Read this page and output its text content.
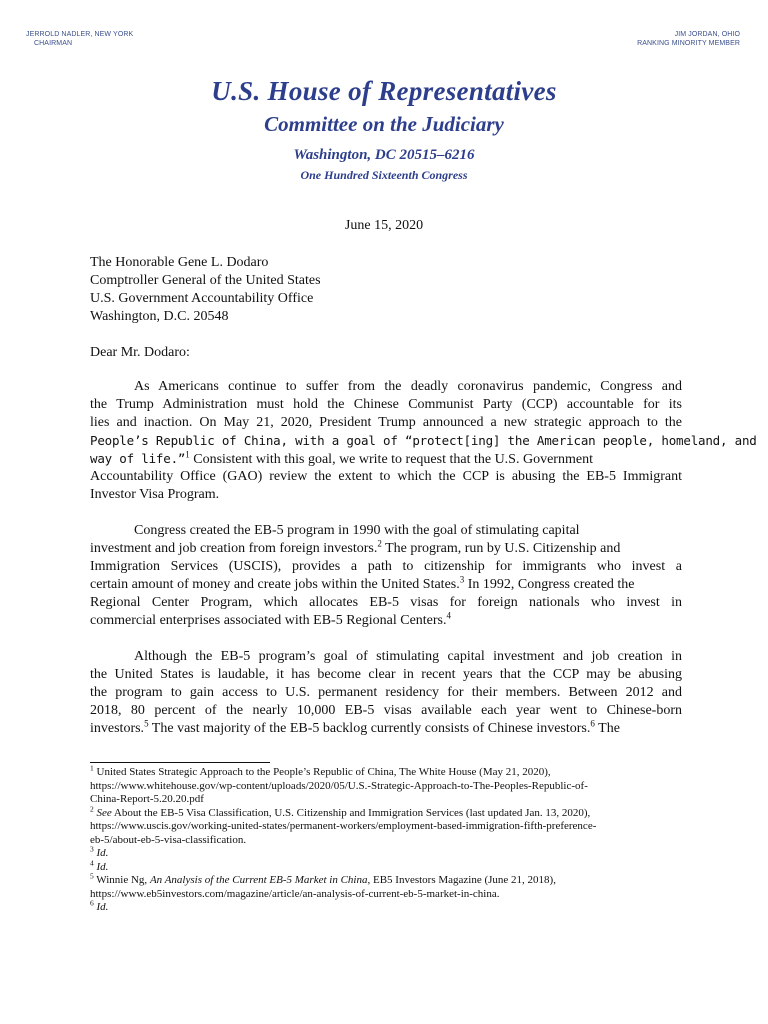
JERROLD NADLER, NEW YORK
CHAIRMAN
JIM JORDAN, OHIO
RANKING MINORITY MEMBER
U.S. House of Representatives
Committee on the Judiciary
Washington, DC 20515–6216
One Hundred Sixteenth Congress
June 15, 2020
The Honorable Gene L. Dodaro
Comptroller General of the United States
U.S. Government Accountability Office
Washington, D.C. 20548
Dear Mr. Dodaro:
As Americans continue to suffer from the deadly coronavirus pandemic, Congress and
the Trump Administration must hold the Chinese Communist Party (CCP) accountable for its
lies and inaction. On May 21, 2020, President Trump announced a new strategic approach to the
People’s Republic of China, with a goal of “protect[ing] the American people, homeland, and
way of life.”$^1$ Consistent with this goal, we write to request that the U.S. Government
Accountability Office (GAO) review the extent to which the CCP is abusing the EB-5 Immigrant
Investor Visa Program.
Congress created the EB-5 program in 1990 with the goal of stimulating capital
investment and job creation from foreign investors.$^2$ The program, run by U.S. Citizenship and
Immigration Services (USCIS), provides a path to citizenship for immigrants who invest a
certain amount of money and create jobs within the United States.$^3$ In 1992, Congress created the
Regional Center Program, which allocates EB-5 visas for foreign nationals who invest in
commercial enterprises associated with EB-5 Regional Centers.$^4$
Although the EB-5 program’s goal of stimulating capital investment and job creation in
the United States is laudable, it has become clear in recent years that the CCP may be abusing
the program to gain access to U.S. permanent residency for their members. Between 2012 and
2018, 80 percent of the nearly 10,000 EB-5 visas available each year went to Chinese-born
investors.$^5$ The vast majority of the EB-5 backlog currently consists of Chinese investors.$^6$ The
$^1$ United States Strategic Approach to the People’s Republic of China, The White House (May 21, 2020),
https://www.whitehouse.gov/wp-content/uploads/2020/05/U.S.-Strategic-Approach-to-The-Peoples-Republic-of-
China-Report-5.20.20.pdf
$^2$ See About the EB-5 Visa Classification, U.S. Citizenship and Immigration Services (last updated Jan. 13, 2020),
https://www.uscis.gov/working-united-states/permanent-workers/employment-based-immigration-fifth-preference-
eb-5/about-eb-5-visa-classification.
$^3$ Id.
$^4$ Id.
$^5$ Winnie Ng, An Analysis of the Current EB-5 Market in China, EB5 Investors Magazine (June 21, 2018),
https://www.eb5investors.com/magazine/article/an-analysis-of-current-eb-5-market-in-china.
$^6$ Id.
